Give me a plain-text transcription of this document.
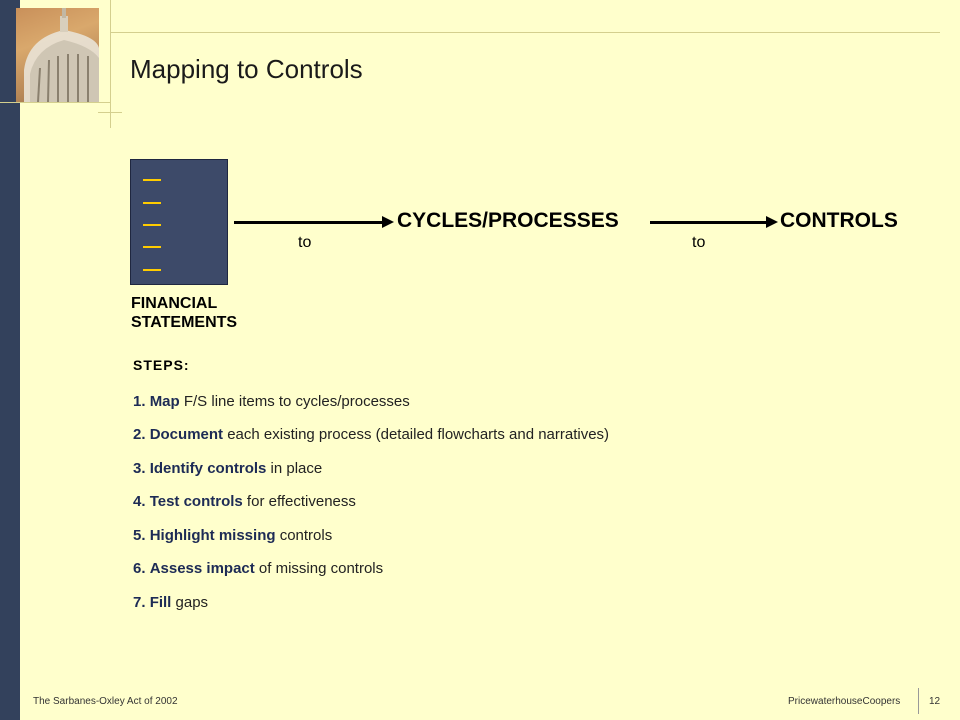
Mapping to Controls
FINANCIAL
STATEMENTS
to
CYCLES/PROCESSES
to
CONTROLS
STEPS:
1. Map F/S line items to cycles/processes
2. Document each existing process (detailed flowcharts and narratives)
3. Identify controls in place
4. Test controls for effectiveness
5. Highlight missing controls
6. Assess impact of missing controls
7. Fill gaps
The Sarbanes-Oxley Act of 2002	PricewaterhouseCoopers	12
